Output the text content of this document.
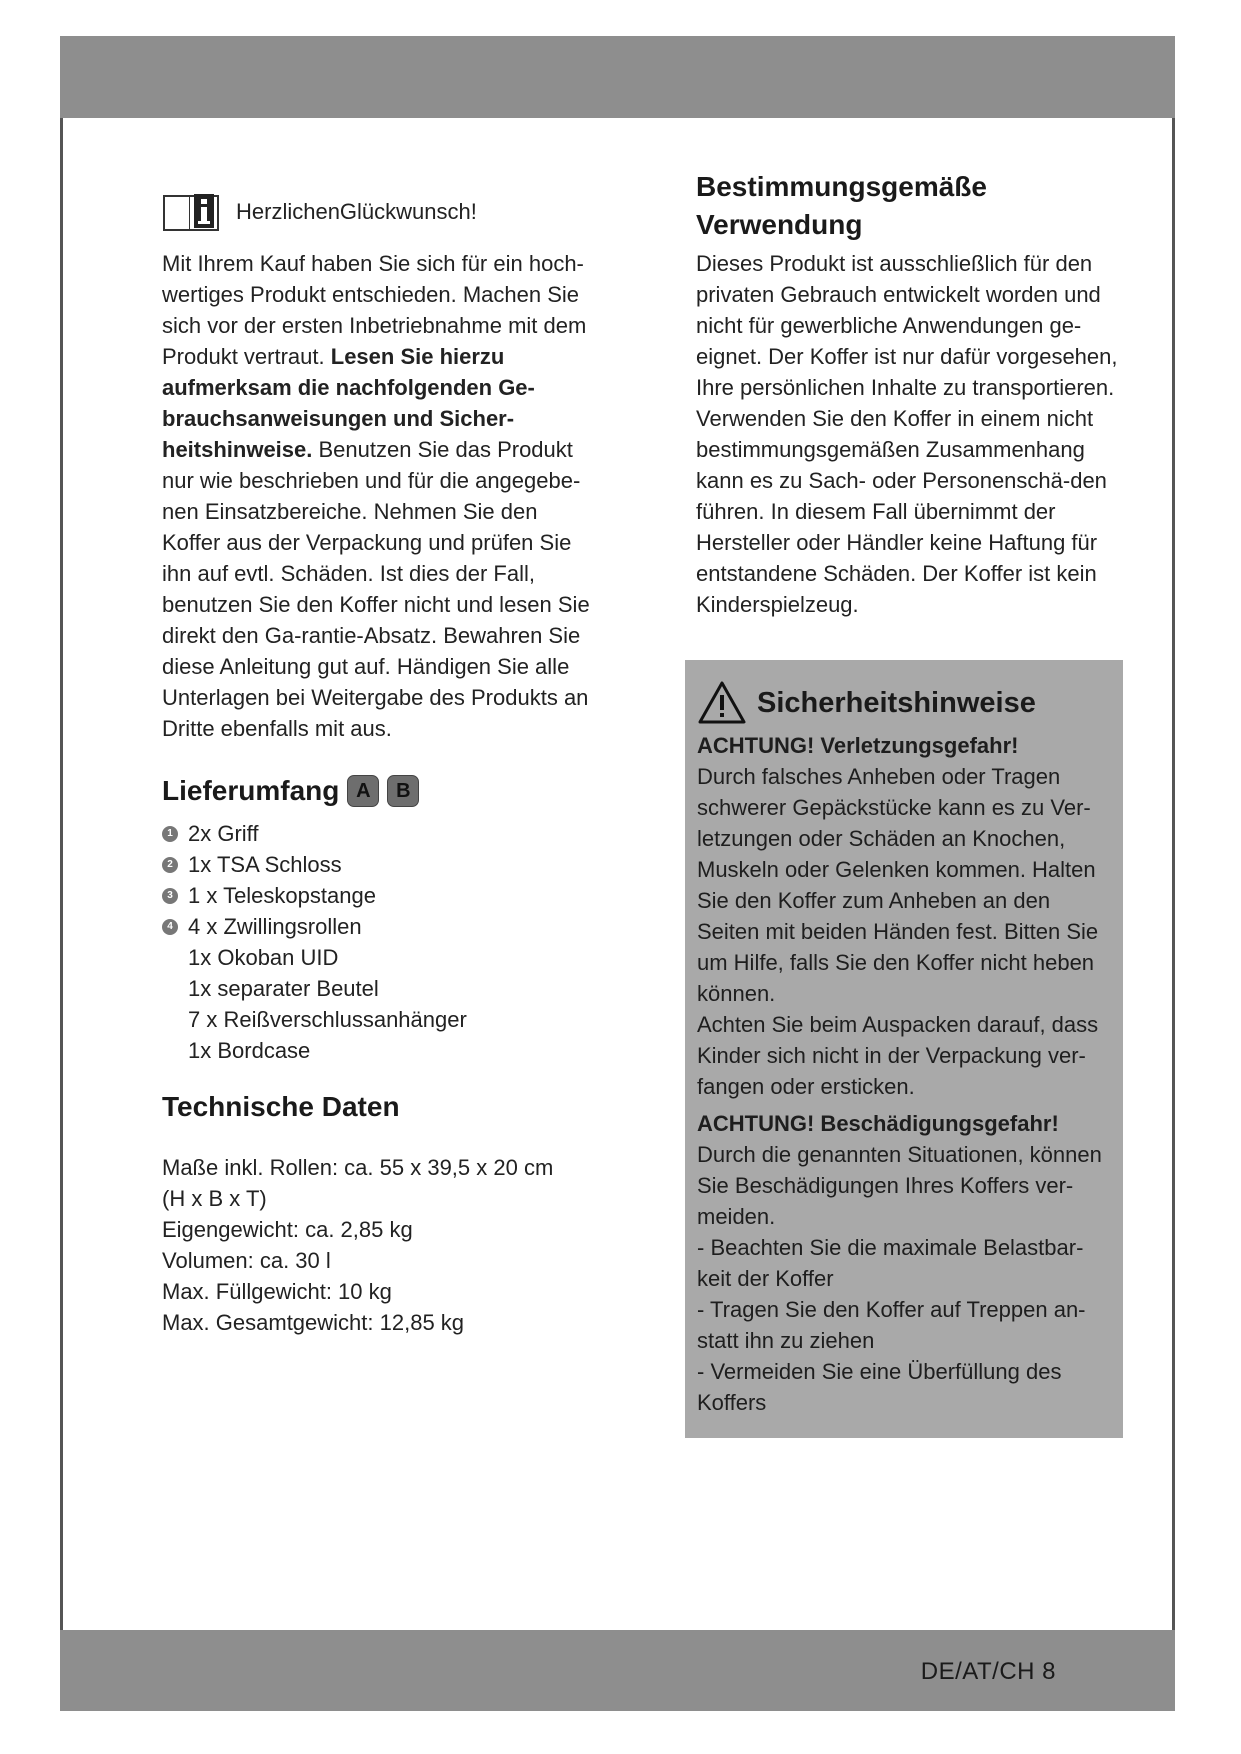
HerzlichenGlückwunsch!

Mit Ihrem Kauf haben Sie sich für ein hoch-wertiges Produkt entschieden. Machen Sie sich vor der ersten Inbetriebnahme mit dem Produkt vertraut. Lesen Sie hierzu aufmerksam die nachfolgenden Ge-brauchsanweisungen und Sicher-heitshinweise. Benutzen Sie das Produkt nur wie beschrieben und für die angegebe-nen Einsatzbereiche. Nehmen Sie den Koffer aus der Verpackung und prüfen Sie ihn auf evtl. Schäden. Ist dies der Fall, benutzen Sie den Koffer nicht und lesen Sie direkt den Ga-rantie-Absatz. Bewahren Sie diese Anleitung gut auf. Händigen Sie alle Unterlagen bei Weitergabe des Produkts an Dritte ebenfalls mit aus.

Lieferumfang A	B
1 2x Griff
2 1x TSA Schloss
3 1 x Teleskopstange
4 4 x Zwillingsrollen
1x Okoban UID
1x separater Beutel
7 x Reißverschlussanhänger
1x Bordcase
Technische Daten

Maße inkl. Rollen: ca. 55 x 39,5 x 20 cm

(H x B x T)

Eigengewicht: ca. 2,85 kg

Volumen: ca. 30 l

Max. Füllgewicht: 10 kg

Max. Gesamtgewicht: 12,85 kg

Bestimmungsgemäße
Verwendung

Dieses Produkt ist ausschließlich für den privaten Gebrauch entwickelt worden und nicht für gewerbliche Anwendungen ge-eignet. Der Koffer ist nur dafür vorgesehen, Ihre persönlichen Inhalte zu transportieren. Verwenden Sie den Koffer in einem nicht bestimmungsgemäßen Zusammenhang kann es zu Sach- oder Personenschä-den führen. In diesem Fall übernimmt der Hersteller oder Händler keine Haftung für entstandene Schäden. Der Koffer ist kein Kinderspielzeug.

Sicherheitshinweise

ACHTUNG! Verletzungsgefahr!

Durch falsches Anheben oder Tragen schwerer Gepäckstücke kann es zu Ver-letzungen oder Schäden an Knochen, Muskeln oder Gelenken kommen. Halten Sie den Koffer zum Anheben an den Seiten mit beiden Händen fest. Bitten Sie um Hilfe, falls Sie den Koffer nicht heben können.

Achten Sie beim Auspacken darauf, dass Kinder sich nicht in der Verpackung ver-fangen oder ersticken.

ACHTUNG! Beschädigungsgefahr!

Durch die genannten Situationen, können Sie Beschädigungen Ihres Koffers ver-meiden.

- Beachten Sie die maximale Belastbar-keit der Koffer

- Tragen Sie den Koffer auf Treppen an-statt ihn zu ziehen

- Vermeiden Sie eine Überfüllung des Koffers

DE/AT/CH 8
